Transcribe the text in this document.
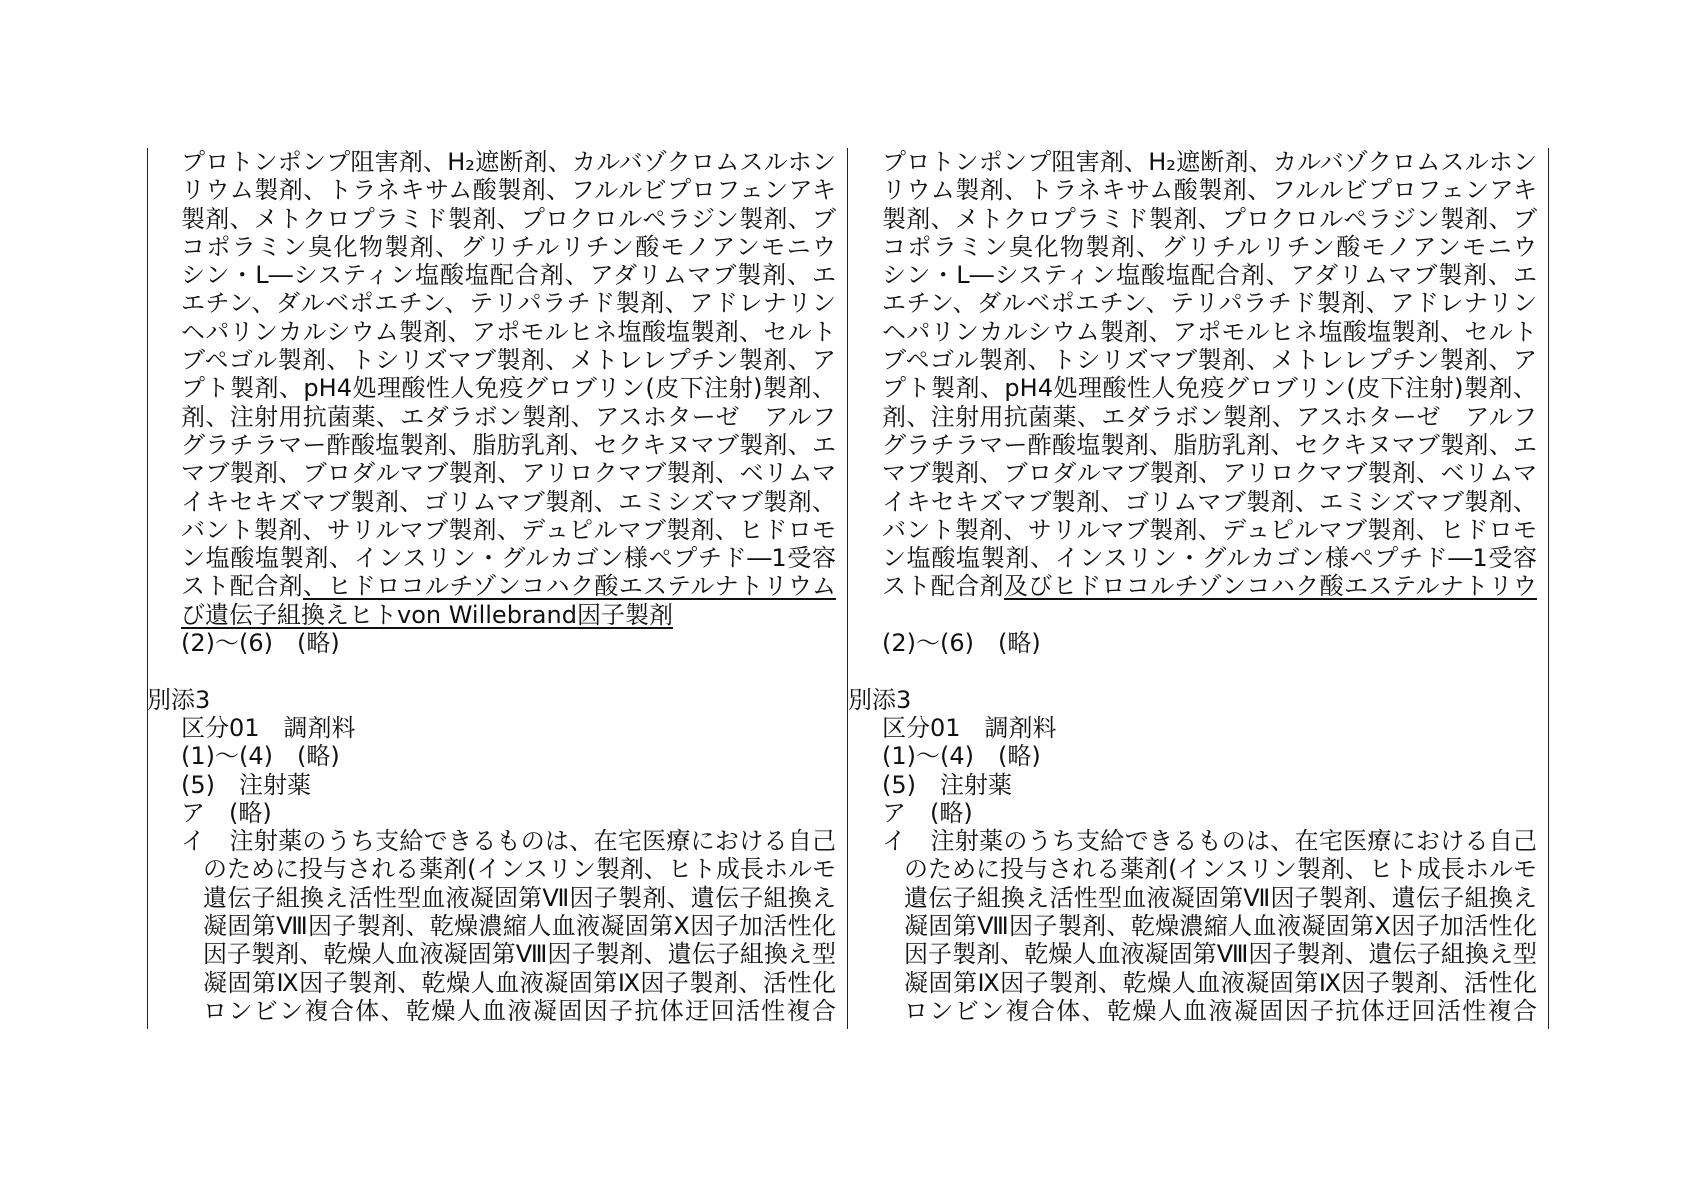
プロトンポンプ阻害剤、H₂遮断剤、カルバゾクロムスルホン
リウム製剤、トラネキサム酸製剤、フルルビプロフェンアキ
製剤、メトクロプラミド製剤、プロクロルペラジン製剤、ブ
コポラミン臭化物製剤、グリチルリチン酸モノアンモニウ
シン・L―システィン塩酸塩配合剤、アダリムマブ製剤、エ
エチン、ダルベポエチン、テリパラチド製剤、アドレナリン
ヘパリンカルシウム製剤、アポモルヒネ塩酸塩製剤、セルト
ブペゴル製剤、トシリズマブ製剤、メトレレプチン製剤、ア
プト製剤、pH4処理酸性人免疫グロブリン(皮下注射)製剤、
剤、注射用抗菌薬、エダラボン製剤、アスホターゼ　アルフ
グラチラマー酢酸塩製剤、脂肪乳剤、セクキヌマブ製剤、エ
マブ製剤、ブロダルマブ製剤、アリロクマブ製剤、ベリムマ
イキセキズマブ製剤、ゴリムマブ製剤、エミシズマブ製剤、
バント製剤、サリルマブ製剤、デュピルマブ製剤、ヒドロモ
ン塩酸塩製剤、インスリン・グルカゴン様ペプチド―1受容
スト配合剤、ヒドロコルチゾンコハク酸エステルナトリウム
び遺伝子組換えヒトvon Willebrand因子製剤
(2)～(6)　(略)
別添3
区分01　調剤料
(1)～(4)　(略)
(5)　注射薬
ア　(略)
イ　注射薬のうち支給できるものは、在宅医療における自己
のために投与される薬剤(インスリン製剤、ヒト成長ホルモ
遺伝子組換え活性型血液凝固第Ⅶ因子製剤、遺伝子組換え
凝固第Ⅷ因子製剤、乾燥濃縮人血液凝固第Ⅹ因子加活性化
因子製剤、乾燥人血液凝固第Ⅷ因子製剤、遺伝子組換え型
凝固第Ⅸ因子製剤、乾燥人血液凝固第Ⅸ因子製剤、活性化
ロンビン複合体、乾燥人血液凝固因子抗体迂回活性複合
プロトンポンプ阻害剤、H₂遮断剤、カルバゾクロムスルホン
リウム製剤、トラネキサム酸製剤、フルルビプロフェンアキ
製剤、メトクロプラミド製剤、プロクロルペラジン製剤、ブ
コポラミン臭化物製剤、グリチルリチン酸モノアンモニウ
シン・L―システィン塩酸塩配合剤、アダリムマブ製剤、エ
エチン、ダルベポエチン、テリパラチド製剤、アドレナリン
ヘパリンカルシウム製剤、アポモルヒネ塩酸塩製剤、セルト
ブペゴル製剤、トシリズマブ製剤、メトレレプチン製剤、ア
プト製剤、pH4処理酸性人免疫グロブリン(皮下注射)製剤、
剤、注射用抗菌薬、エダラボン製剤、アスホターゼ　アルフ
グラチラマー酢酸塩製剤、脂肪乳剤、セクキヌマブ製剤、エ
マブ製剤、ブロダルマブ製剤、アリロクマブ製剤、ベリムマ
イキセキズマブ製剤、ゴリムマブ製剤、エミシズマブ製剤、
バント製剤、サリルマブ製剤、デュピルマブ製剤、ヒドロモ
ン塩酸塩製剤、インスリン・グルカゴン様ペプチド―1受容
スト配合剤及びヒドロコルチゾンコハク酸エステルナトリウ
(2)～(6)　(略)
別添3
区分01　調剤料
(1)～(4)　(略)
(5)　注射薬
ア　(略)
イ　注射薬のうち支給できるものは、在宅医療における自己
のために投与される薬剤(インスリン製剤、ヒト成長ホルモ
遺伝子組換え活性型血液凝固第Ⅶ因子製剤、遺伝子組換え
凝固第Ⅷ因子製剤、乾燥濃縮人血液凝固第Ⅹ因子加活性化
因子製剤、乾燥人血液凝固第Ⅷ因子製剤、遺伝子組換え型
凝固第Ⅸ因子製剤、乾燥人血液凝固第Ⅸ因子製剤、活性化
ロンビン複合体、乾燥人血液凝固因子抗体迂回活性複合
